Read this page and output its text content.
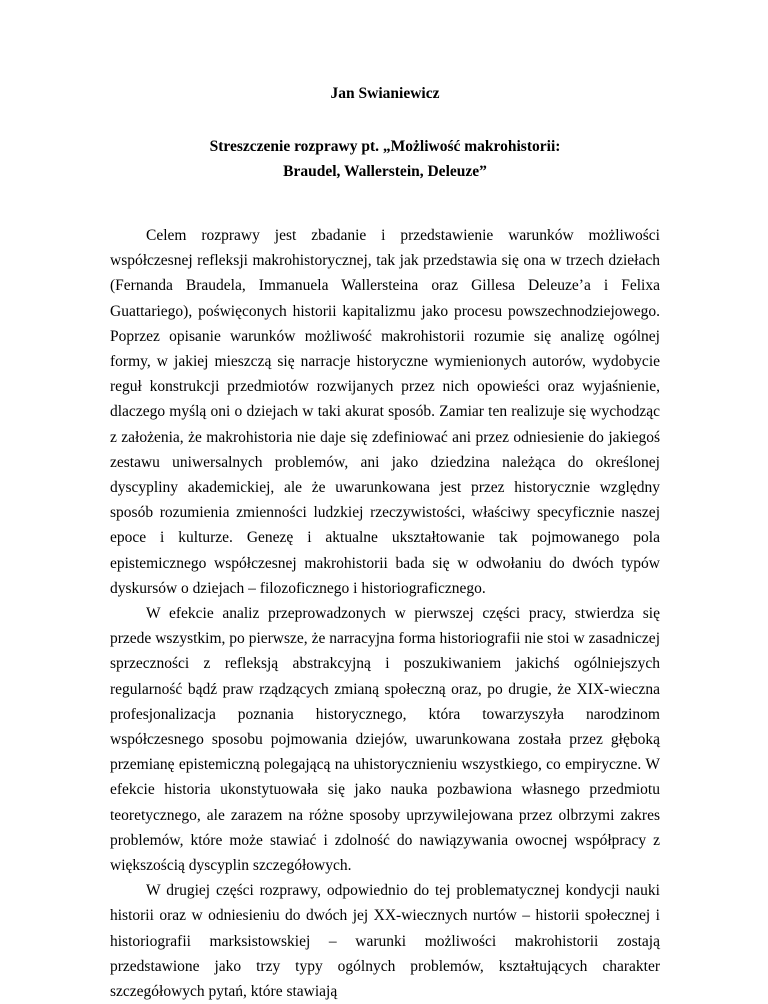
Jan Swianiewicz
Streszczenie rozprawy pt. „Możliwość makrohistorii:
Braudel, Wallerstein, Deleuze”

Celem rozprawy jest zbadanie i przedstawienie warunków możliwości współczesnej refleksji makrohistorycznej, tak jak przedstawia się ona w trzech dziełach (Fernanda Braudela, Immanuela Wallersteina oraz Gillesa Deleuze’a i Felixa Guattariego), poświęconych historii kapitalizmu jako procesu powszechnodziejowego. Poprzez opisanie warunków możliwość makrohistorii rozumie się analizę ogólnej formy, w jakiej mieszczą się narracje historyczne wymienionych autorów, wydobycie reguł konstrukcji przedmiotów rozwijanych przez nich opowieści oraz wyjaśnienie, dlaczego myślą oni o dziejach w taki akurat sposób. Zamiar ten realizuje się wychodząc z założenia, że makrohistoria nie daje się zdefiniować ani przez odniesienie do jakiegoś zestawu uniwersalnych problemów, ani jako dziedzina należąca do określonej dyscypliny akademickiej, ale że uwarunkowana jest przez historycznie względny sposób rozumienia zmienności ludzkiej rzeczywistości, właściwy specyficznie naszej epoce i kulturze. Genezę i aktualne ukształtowanie tak pojmowanego pola epistemicznego współczesnej makrohistorii bada się w odwołaniu do dwóch typów dyskursów o dziejach – filozoficznego i historiograficznego.

W efekcie analiz przeprowadzonych w pierwszej części pracy, stwierdza się przede wszystkim, po pierwsze, że narracyjna forma historiografii nie stoi w zasadniczej sprzeczności z refleksją abstrakcyjną i poszukiwaniem jakichś ogólniejszych regularność bądź praw rządzących zmianą społeczną oraz, po drugie, że XIX-wieczna profesjonalizacja poznania historycznego, która towarzyszyła narodzinom współczesnego sposobu pojmowania dziejów, uwarunkowana została przez głęboką przemianę epistemiczną polegającą na uhistorycznieniu wszystkiego, co empiryczne. W efekcie historia ukonstytuowała się jako nauka pozbawiona własnego przedmiotu teoretycznego, ale zarazem na różne sposoby uprzywilejowana przez olbrzymi zakres problemów, które może stawiać i zdolność do nawiązywania owocnej współpracy z większością dyscyplin szczegółowych.

W drugiej części rozprawy, odpowiednio do tej problematycznej kondycji nauki historii oraz w odniesieniu do dwóch jej XX-wiecznych nurtów – historii społecznej i historiografii marksistowskiej – warunki możliwości makrohistorii zostają przedstawione jako trzy typy ogólnych problemów, kształtujących charakter szczegółowych pytań, które stawiają
